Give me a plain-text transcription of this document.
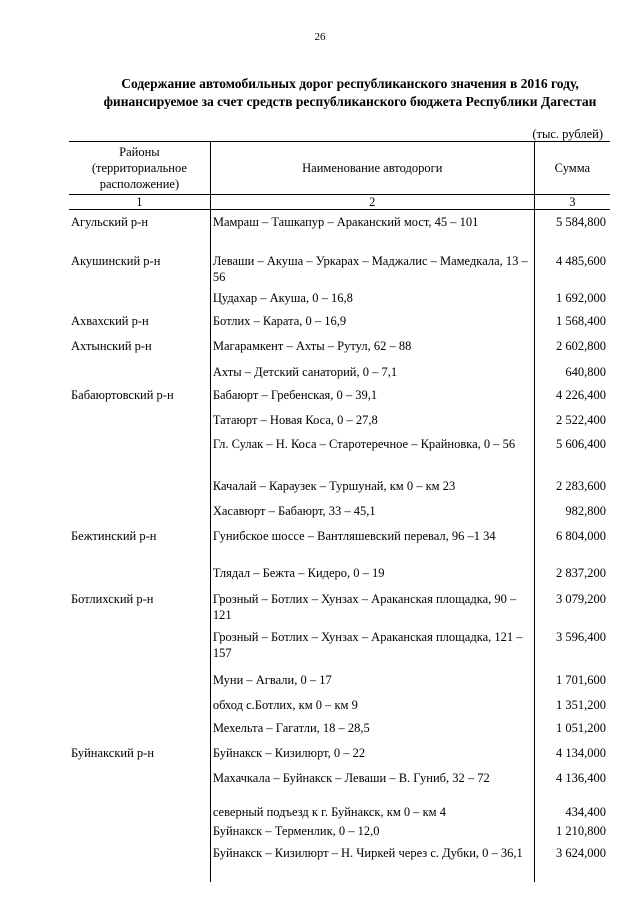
26
Содержание автомобильных дорог республиканского значения в 2016 году,
финансируемое за счет средств республиканского бюджета Республики Дагестан
(тыс. рублей)
Районы
(территориальное
расположение)	Наименование автодороги	Сумма
1	2	3
Агульский р-н	Мамраш – Ташкапур – Араканский мост, 45 – 101	5 584,800
Акушинский р-н	Леваши – Акуша – Уркарах – Маджалис – Мамедкала, 13 – 56	4 485,600
	Цудахар – Акуша, 0 – 16,8	1 692,000
Ахвахский р-н	Ботлих – Карата, 0 – 16,9	1 568,400
Ахтынский р-н	Магарамкент – Ахты – Рутул, 62 – 88	2 602,800
	Ахты – Детский санаторий, 0 – 7,1	640,800
Бабаюртовский р-н	Бабаюрт – Гребенская, 0 – 39,1	4 226,400
	Татаюрт – Новая Коса, 0 – 27,8	2 522,400
	Гл. Сулак – Н. Коса – Старотеречное – Крайновка, 0 – 56	5 606,400
	Качалай – Караузек – Туршунай, км 0 – км 23	2 283,600
	Хасавюрт – Бабаюрт, 33 – 45,1	982,800
Бежтинский р-н	Гунибское шоссе – Вантляшевский перевал, 96 –1 34	6 804,000
	Тлядал – Бежта – Кидеро, 0 – 19	2 837,200
Ботлихский р-н	Грозный – Ботлих – Хунзах – Араканская площадка, 90 – 121	3 079,200
	Грозный – Ботлих – Хунзах – Араканская площадка, 121 – 157	3 596,400
	Муни – Агвали, 0 – 17	1 701,600
	обход с.Ботлих, км 0 – км 9	1 351,200
	Мехельта – Гагатли, 18 – 28,5	1 051,200
Буйнакский р-н	Буйнакск – Кизилюрт, 0 – 22	4 134,000
	Махачкала – Буйнакск – Леваши – В. Гуниб, 32 – 72	4 136,400
	северный подъезд к г. Буйнакск, км 0 – км 4	434,400
	Буйнакск – Терменлик, 0 – 12,0	1 210,800
	Буйнакск – Кизилюрт – Н. Чиркей через с. Дубки, 0 – 36,1	3 624,000
